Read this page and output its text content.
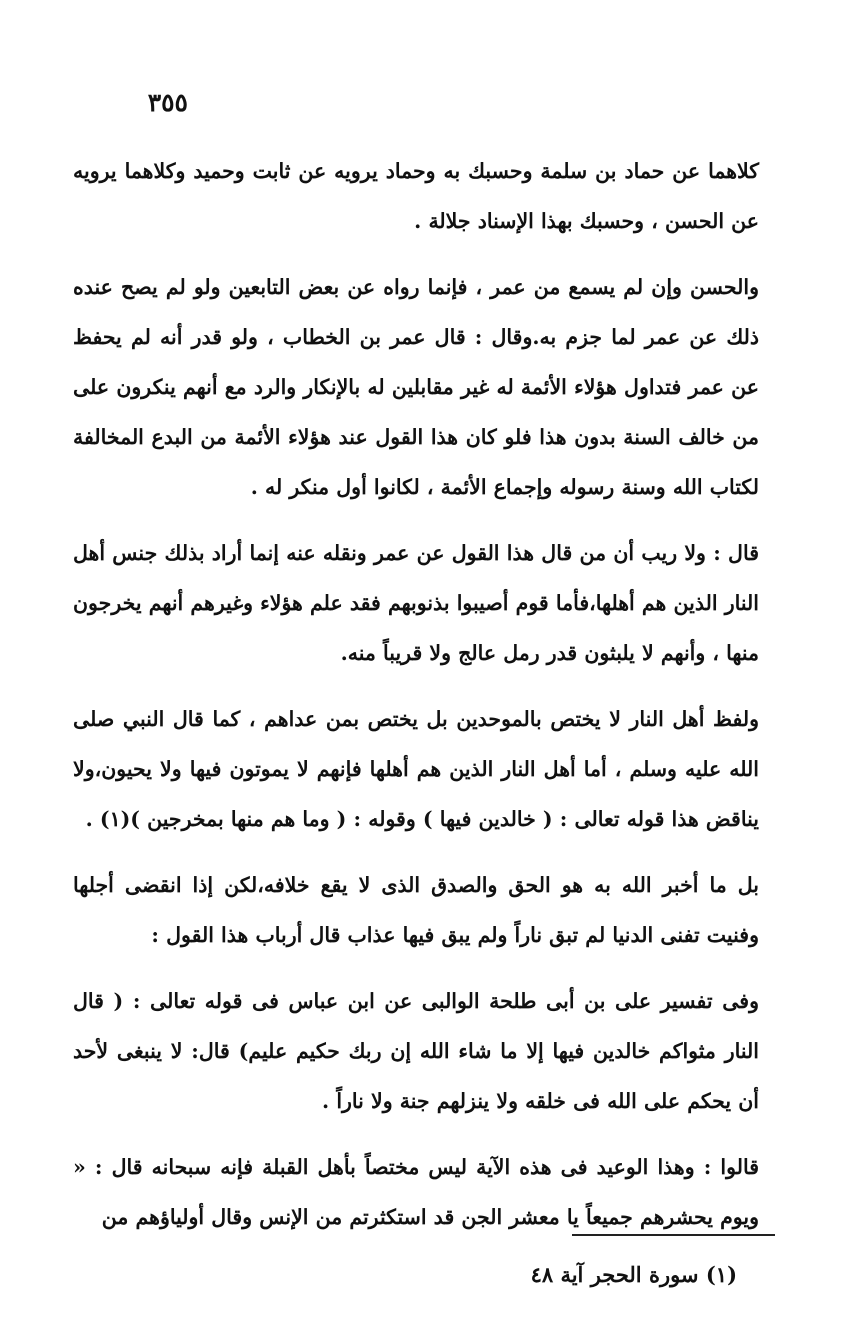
٣٥٥

كلاهما عن حماد بن سلمة وحسبك به وحماد يرويه عن ثابت وحميد وكلاهما يرويه عن الحسن ، وحسبك بهذا الإسناد جلالة .

والحسن وإن لم يسمع من عمر ، فإنما رواه عن بعض التابعين ولو لم يصح عنده ذلك عن عمر لما جزم به.وقال : قال عمر بن الخطاب ، ولو قدر أنه لم يحفظ عن عمر فتداول هؤلاء الأئمة له غير مقابلين له بالإنكار والرد مع أنهم ينكرون على من خالف السنة بدون هذا فلو كان هذا القول عند هؤلاء الأئمة من البدع المخالفة لكتاب الله وسنة رسوله وإجماع الأئمة ، لكانوا أول منكر له .

قال : ولا ريب أن من قال هذا القول عن عمر ونقله عنه إنما أراد بذلك جنس أهل النار الذين هم أهلها،فأما قوم أصيبوا بذنوبهم فقد علم هؤلاء وغيرهم أنهم يخرجون منها ، وأنهم لا يلبثون قدر رمل عالج ولا قريباً منه.

ولفظ أهل النار لا يختص بالموحدين بل يختص بمن عداهم ، كما قال النبي صلى الله عليه وسلم ، أما أهل النار الذين هم أهلها فإنهم لا يموتون فيها ولا يحيون،ولا يناقض هذا قوله تعالى : ( خالدين فيها ) وقوله : ( وما هم منها بمخرجين )(١) .

بل ما أخبر الله به هو الحق والصدق الذى لا يقع خلافه،لكن إذا انقضى أجلها وفنيت تفنى الدنيا لم تبق ناراً ولم يبق فيها عذاب قال أرباب هذا القول :

وفى تفسير على بن أبى طلحة الوالبى عن ابن عباس فى قوله تعالى : ( قال النار مثواكم خالدين فيها إلا ما شاء الله إن ربك حكيم عليم) قال: لا ينبغى لأحد أن يحكم على الله فى خلقه ولا ينزلهم جنة ولا ناراً .

قالوا : وهذا الوعيد فى هذه الآية ليس مختصاً بأهل القبلة فإنه سبحانه قال : « ويوم يحشرهم جميعاً يا معشر الجن قد استكثرتم من الإنس وقال أولياؤهم من

(١) سورة الحجر آية ٤٨
